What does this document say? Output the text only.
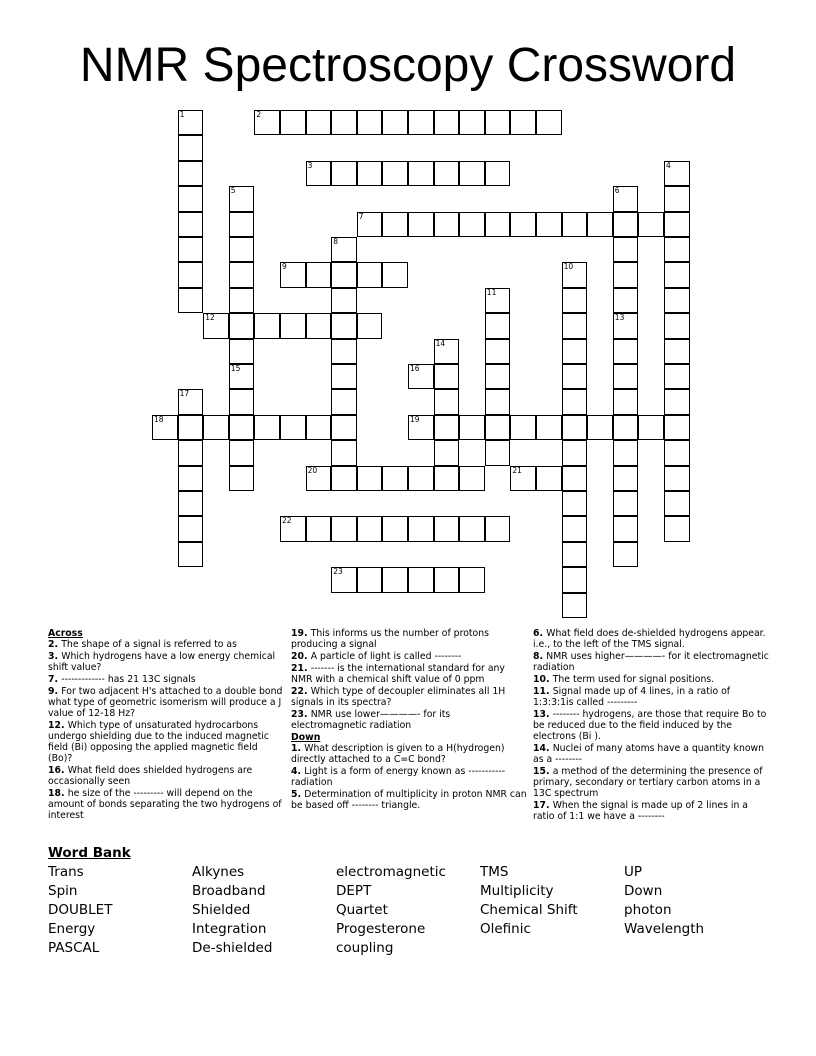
NMR Spectroscopy Crossword
1	2
3	4
5
15
6
7
8
9	10
11
12	13
14
16
17
18	19
20	21
22
23
Across
2. The shape of a signal is referred to as
3. Which hydrogens have a low energy chemical shift value?
7. ------------- has 21 13C signals
9. For two adjacent H's attached to a double bond what type of geometric isomerism will produce a J value of 12-18 Hz?
12. Which type of unsaturated hydrocarbons undergo shielding due to the induced magnetic field (Bi) opposing the applied magnetic field (Bo)?
16. What field does shielded hydrogens are occasionally seen
18. he size of the --------- will depend on the amount of bonds separating the two hydrogens of interest
19. This informs us the number of protons producing a signal
20. A particle of light is called --------
21. ------- is the international standard for any NMR with a chemical shift value of 0 ppm
22. Which type of decoupler eliminates all 1H signals in its spectra?
23. NMR use lower————- for its electromagnetic radiation
Down
1. What description is given to a H(hydrogen) directly attached to a C=C bond?
4. Light is a form of energy known as ----------- radiation
5. Determination of multiplicity in proton NMR can be based off -------- triangle.
6. What field does de-shielded hydrogens appear. i.e., to the left of the TMS signal.
8. NMR uses higher————- for it electromagnetic radiation
10. The term used for signal positions.
11. Signal made up of 4 lines, in a ratio of 1:3:3:1is called ---------
13. -------- hydrogens, are those that require Bo to be reduced due to the field induced by the electrons (Bi ).
14. Nuclei of many atoms have a quantity known as a --------
15. a method of the determining the presence of primary, secondary or tertiary carbon atoms in a 13C spectrum
17. When the signal is made up of 2 lines in a ratio of 1:1 we have a --------
Word Bank
Trans
Spin
DOUBLET
Energy
PASCAL
Alkynes
Broadband
Shielded
Integration
De-shielded
electromagnetic
DEPT
Quartet
Progesterone
coupling
TMS
Multiplicity
Chemical Shift
Olefinic
UP
Down
photon
Wavelength
